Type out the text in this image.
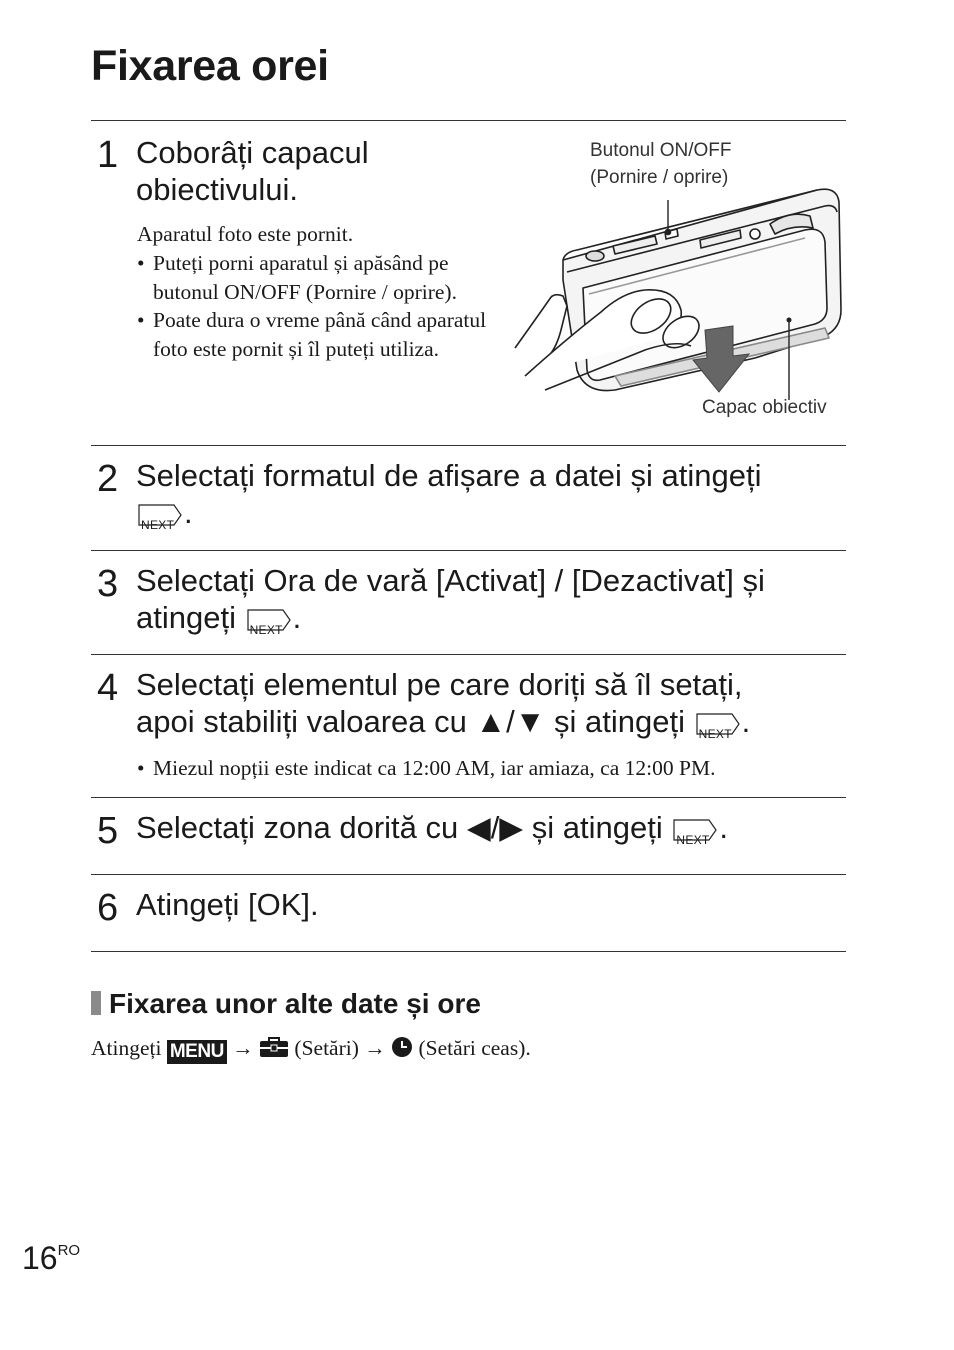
Fixarea orei
1 Coborâți capacul
obiectivului.
Aparatul foto este pornit.
• Puteți porni aparatul și apăsând pe butonul ON/OFF (Pornire / oprire).
• Poate dura o vreme până când aparatul foto este pornit și îl puteți utiliza.
Butonul ON/OFF
(Pornire / oprire)
Capac obiectiv
2 Selectați formatul de afișare a datei și atingeți
NEXT .
3 Selectați Ora de vară [Activat] / [Dezactivat] și
atingeți NEXT .
4 Selectați elementul pe care doriți să îl setați,
apoi stabiliți valoarea cu ▲/▼ și atingeți NEXT .
• Miezul nopții este indicat ca 12:00 AM, iar amiaza, ca 12:00 PM.
5 Selectați zona dorită cu ◀/▶ și atingeți NEXT .
6 Atingeți [OK].
Fixarea unor alte date și ore
Atingeți MENU → (Setări) → (Setări ceas).
$16^{RO}$
